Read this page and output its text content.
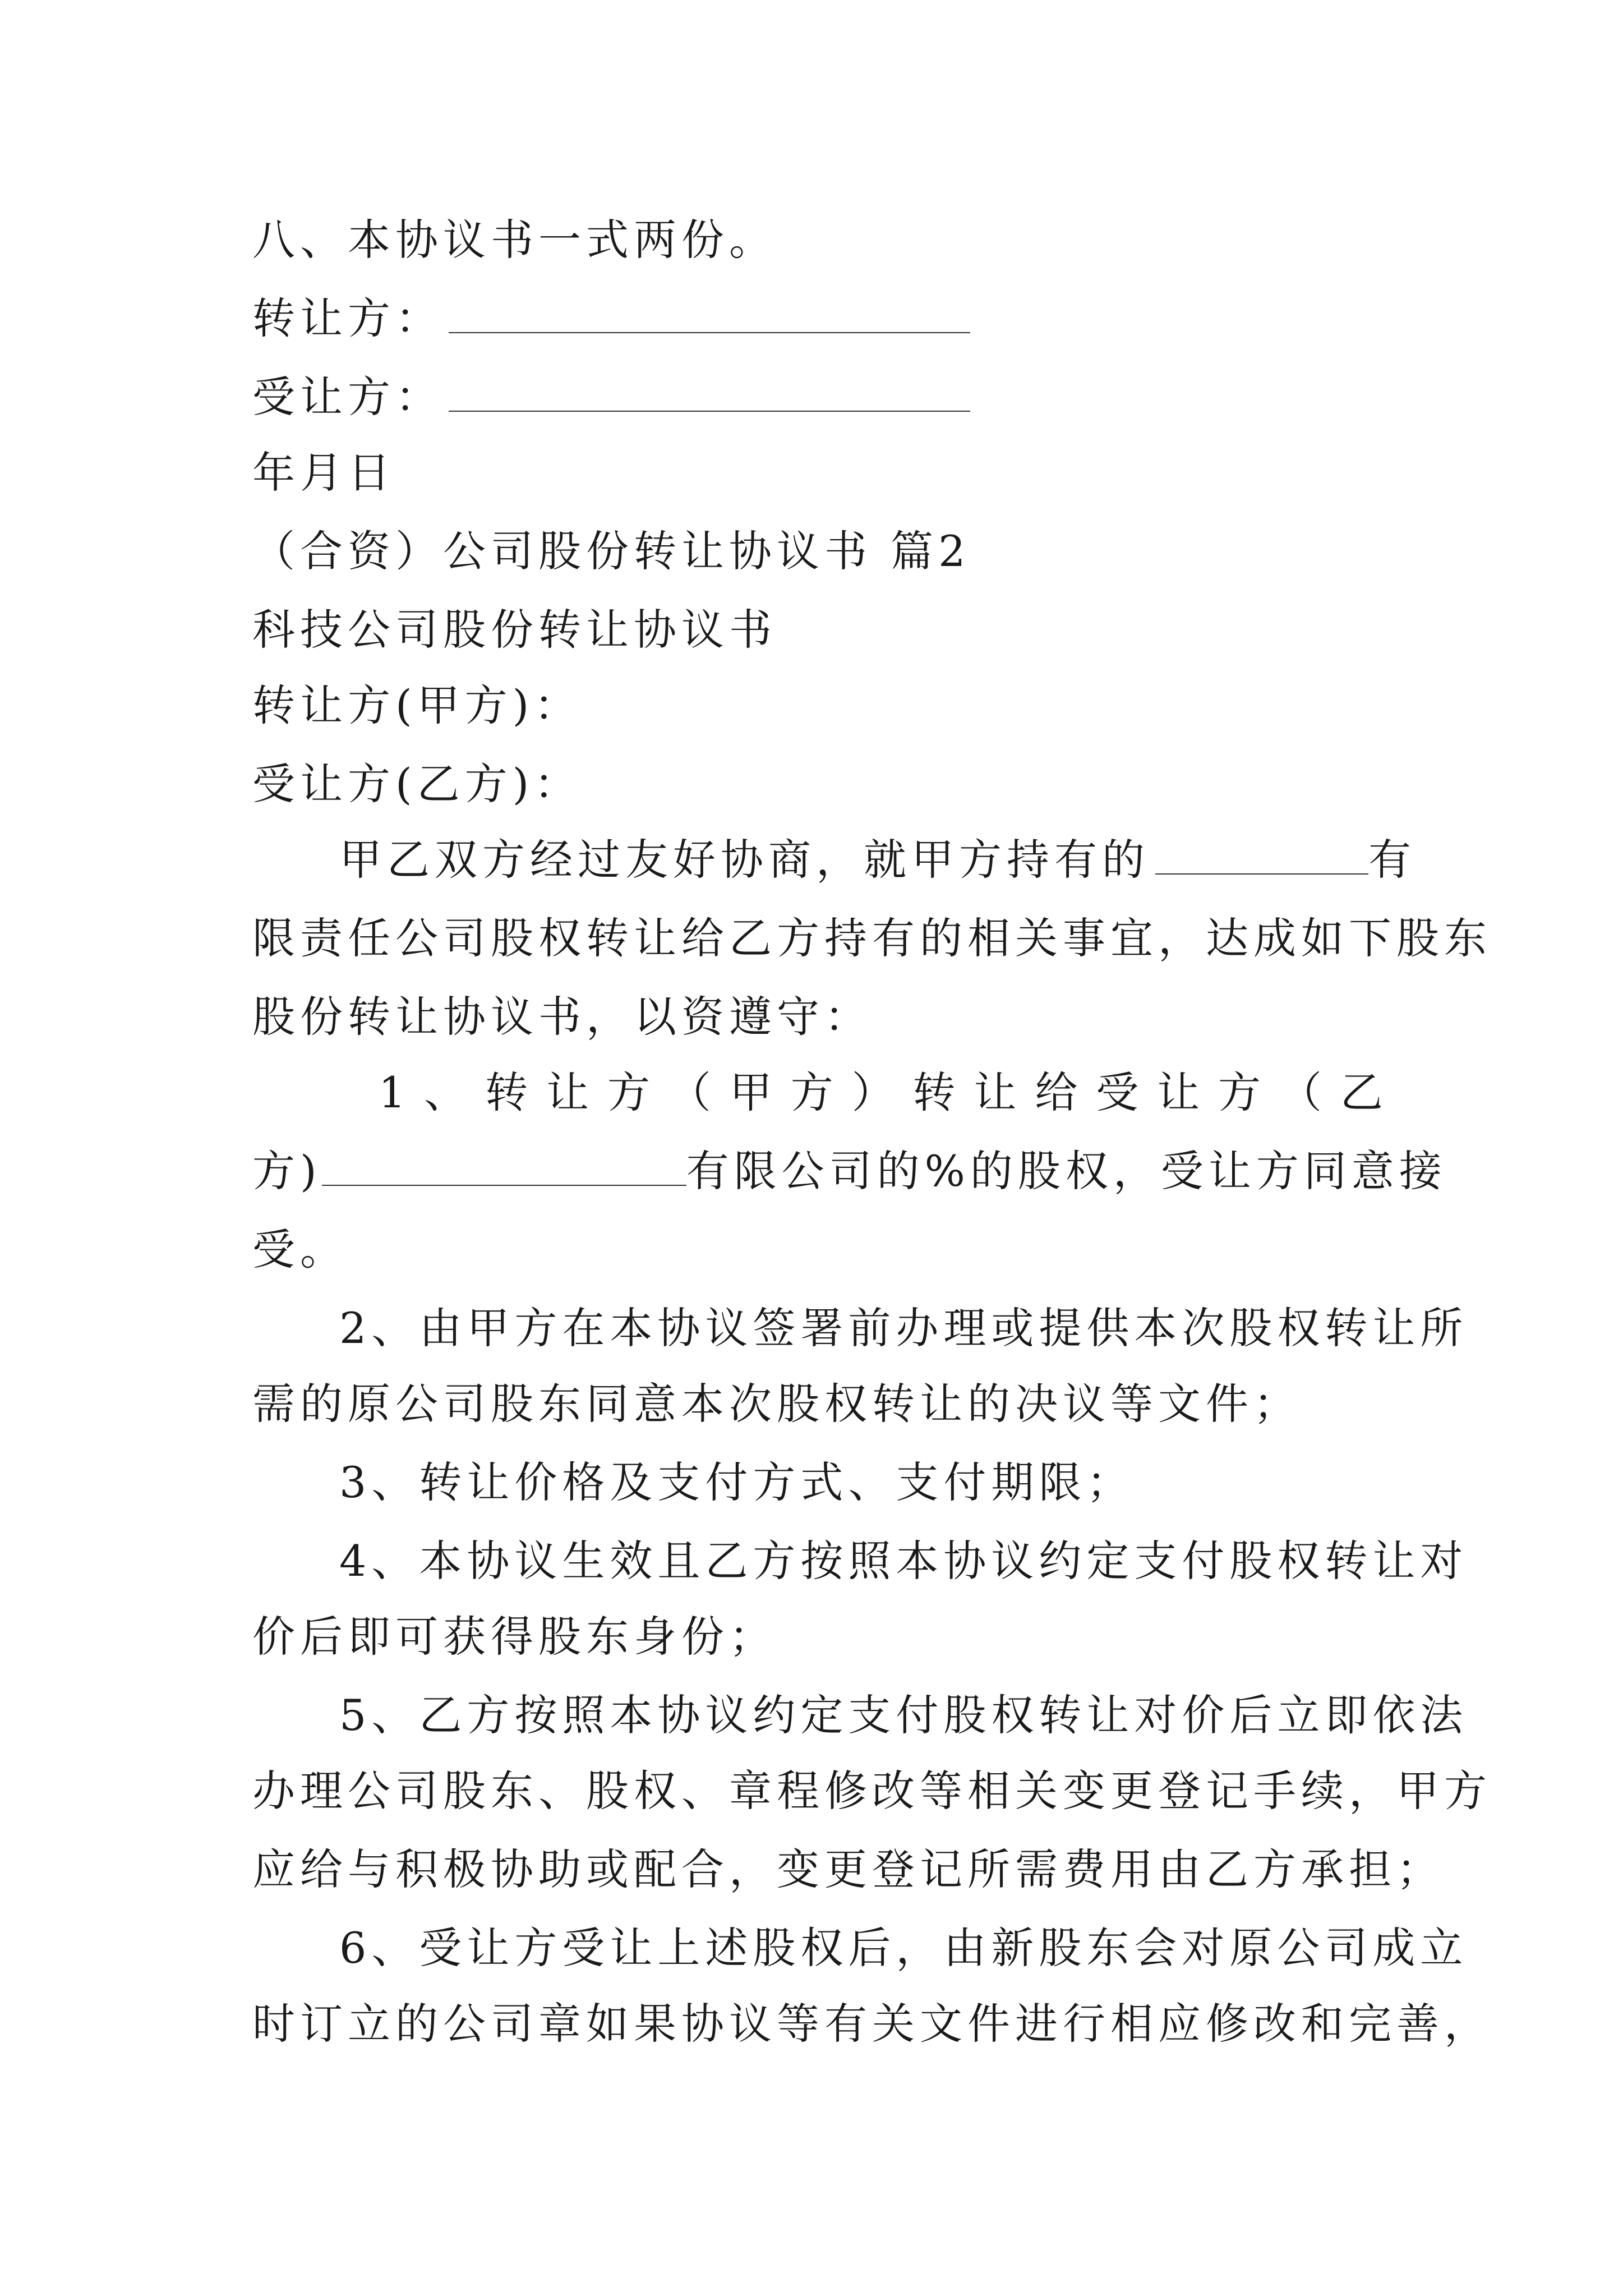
八、本协议书一式两份。
转让方：
受让方：
年月日
（合资）公司股份转让协议书 篇2
科技公司股份转让协议书
转让方(甲方)：
受让方(乙方)：
甲乙双方经过友好协商，就甲方持有的	有
限责任公司股权转让给乙方持有的相关事宜，达成如下股东
股份转让协议书，以资遵守：
1 、 转 让 方 （ 甲 方 ） 转 让 给 受 让 方 （ 乙
方)	有限公司的%的股权，受让方同意接
受。
2、由甲方在本协议签署前办理或提供本次股权转让所
需的原公司股东同意本次股权转让的决议等文件；
3、转让价格及支付方式、支付期限；
4、本协议生效且乙方按照本协议约定支付股权转让对
价后即可获得股东身份；
5、乙方按照本协议约定支付股权转让对价后立即依法
办理公司股东、股权、章程修改等相关变更登记手续，甲方
应给与积极协助或配合，变更登记所需费用由乙方承担；
6、受让方受让上述股权后，由新股东会对原公司成立
时订立的公司章如果协议等有关文件进行相应修改和完善，
